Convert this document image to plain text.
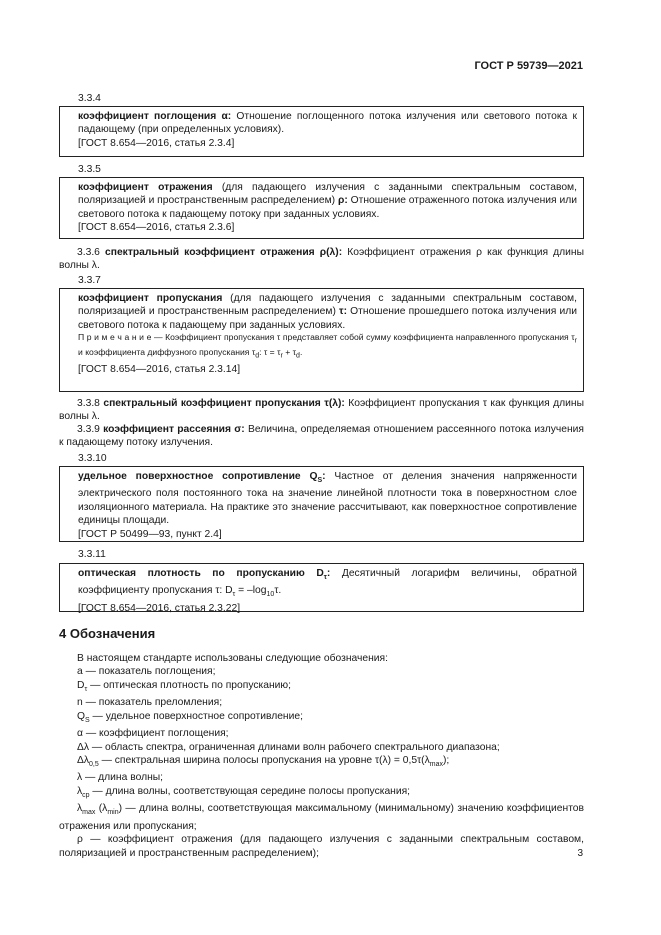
ГОСТ Р 59739—2021
3.3.4

коэффициент поглощения α: Отношение поглощенного потока излучения или светового потока к падающему (при определенных условиях).

[ГОСТ 8.654—2016, статья 2.3.4]

3.3.5

коэффициент отражения (для падающего излучения с заданными спектральным составом, поляризацией и пространственным распределением) ρ: Отношение отраженного потока излучения или светового потока к падающему потоку при заданных условиях.

[ГОСТ 8.654—2016, статья 2.3.6]

3.3.6 спектральный коэффициент отражения ρ(λ): Коэффициент отражения ρ как функция длины волны λ.

3.3.7

коэффициент пропускания (для падающего излучения с заданными спектральным составом, поляризацией и пространственным распределением) τ: Отношение прошедшего потока излучения или светового потока к падающему при заданных условиях.

П р и м е ч а н и е — Коэффициент пропускания τ представляет собой сумму коэффициента направленного пропускания $\tau_r$ и коэффициента диффузного пропускания $\tau_d$: $\tau = \tau_r + \tau_d$.

[ГОСТ 8.654—2016, статья 2.3.14]

3.3.8 спектральный коэффициент пропускания τ(λ): Коэффициент пропускания τ как функция длины волны λ.

3.3.9 коэффициент рассеяния σ: Величина, определяемая отношением рассеянного потока излучения к падающему потоку излучения.

3.3.10

удельное поверхностное сопротивление $Q_S$: Частное от деления значения напряженности электрического поля постоянного тока на значение линейной плотности тока в поверхностном слое изоляционного материала. На практике это значение рассчитывают, как поверхностное сопротивление единицы площади.

[ГОСТ Р 50499—93, пункт 2.4]

3.3.11

оптическая плотность по пропусканию $D_\tau$: Десятичный логарифм величины, обратной коэффициенту пропускания τ: $D_\tau = -\log_{10}\tau$.

[ГОСТ 8.654—2016, статья 2.3.22]

4 Обозначения
В настоящем стандарте использованы следующие обозначения:
a — показатель поглощения;
$D_\tau$ — оптическая плотность по пропусканию;
n — показатель преломления;
$Q_S$ — удельное поверхностное сопротивление;
α — коэффициент поглощения;
Δλ — область спектра, ограниченная длинами волн рабочего спектрального диапазона;
$\Delta\lambda_{0,5}$ — спектральная ширина полосы пропускания на уровне $\tau(\lambda) = 0,5\tau(\lambda_{max})$;
λ — длина волны;
$\lambda_{ср}$ — длина волны, соответствующая середине полосы пропускания;
$\lambda_{max}$ $(\lambda_{min})$ — длина волны, соответствующая максимальному (минимальному) значению коэффициентов отражения или пропускания;
ρ — коэффициент отражения (для падающего излучения с заданными спектральным составом, поляризацией и пространственным распределением);	3
